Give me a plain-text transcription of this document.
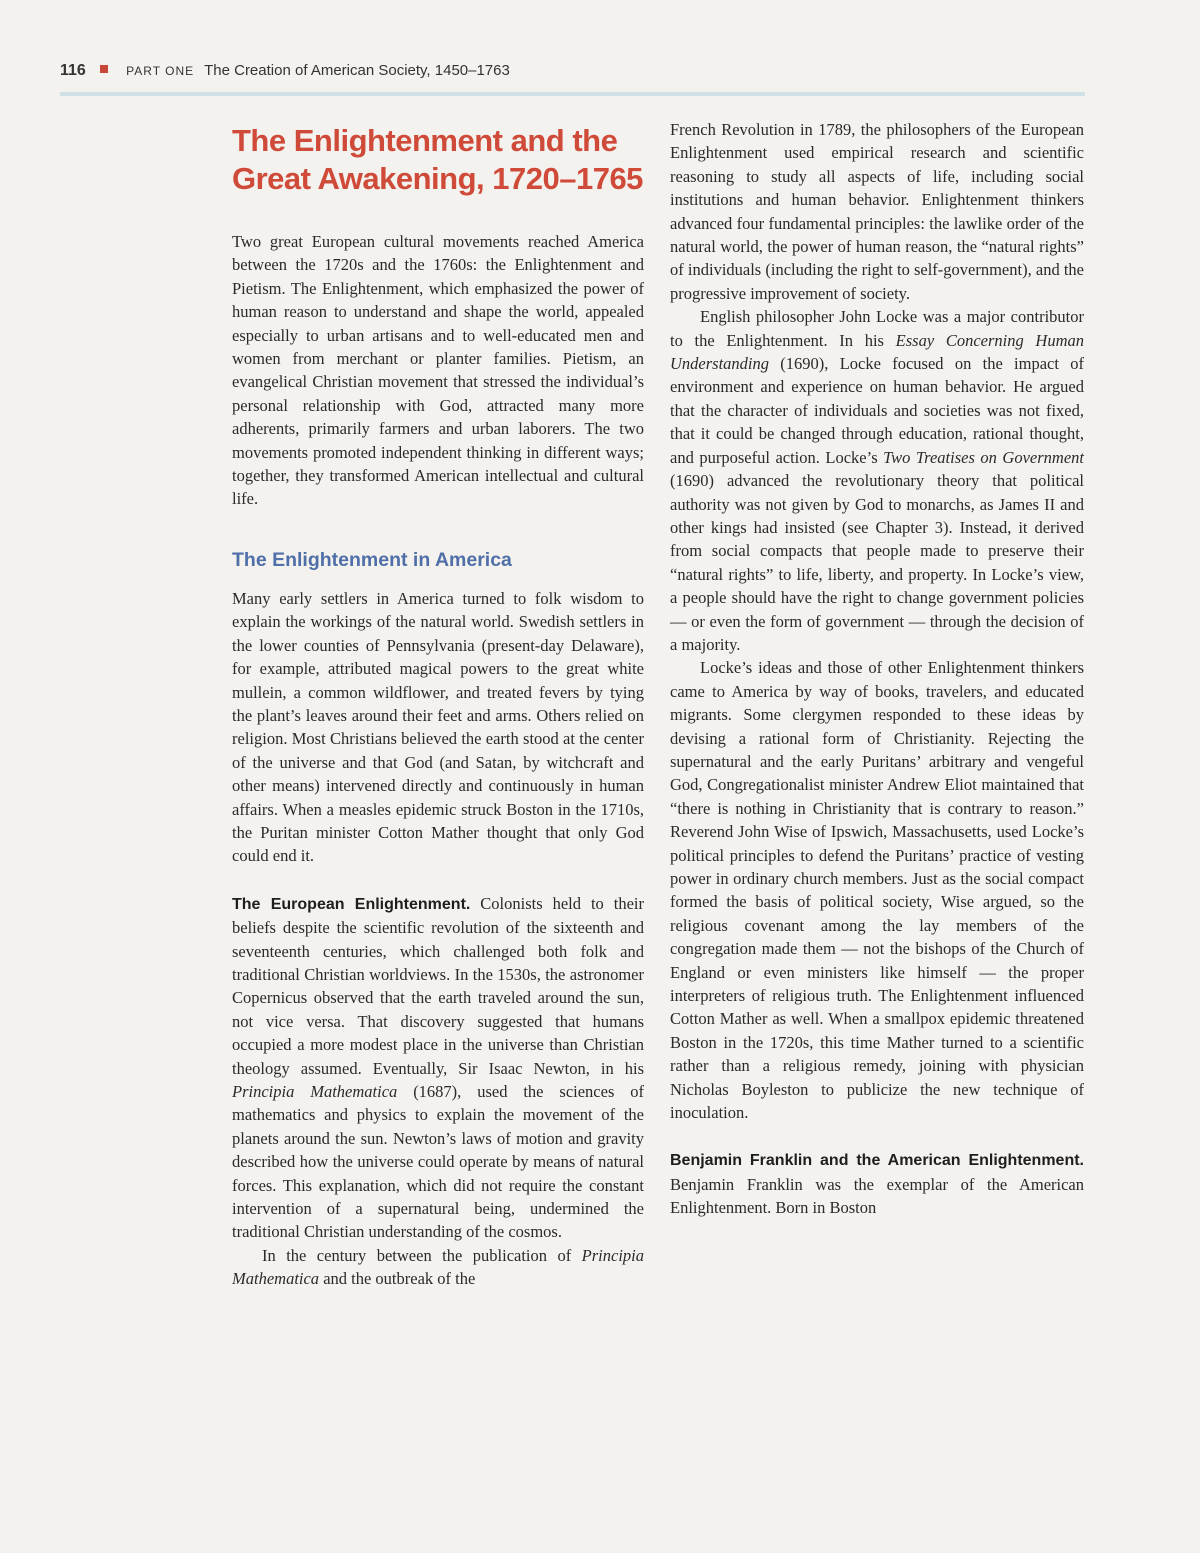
116	PART ONE The Creation of American Society, 1450–1763
The Enlightenment and the Great Awakening, 1720–1765

Two great European cultural movements reached America between the 1720s and the 1760s: the Enlightenment and Pietism. The Enlightenment, which emphasized the power of human reason to understand and shape the world, appealed especially to urban artisans and to well-educated men and women from merchant or planter families. Pietism, an evangelical Christian movement that stressed the individual’s personal relationship with God, attracted many more adherents, primarily farmers and urban laborers. The two movements promoted independent thinking in different ways; together, they transformed American intellectual and cultural life.

The Enlightenment in America

Many early settlers in America turned to folk wisdom to explain the workings of the natural world. Swedish settlers in the lower counties of Pennsylvania (present-day Delaware), for example, attributed magical powers to the great white mullein, a common wildflower, and treated fevers by tying the plant’s leaves around their feet and arms. Others relied on religion. Most Christians believed the earth stood at the center of the universe and that God (and Satan, by witchcraft and other means) intervened directly and continuously in human affairs. When a measles epidemic struck Boston in the 1710s, the Puritan minister Cotton Mather thought that only God could end it.

The European Enlightenment. Colonists held to their beliefs despite the scientific revolution of the sixteenth and seventeenth centuries, which challenged both folk and traditional Christian worldviews. In the 1530s, the astronomer Copernicus observed that the earth traveled around the sun, not vice versa. That discovery suggested that humans occupied a more modest place in the universe than Christian theology assumed. Eventually, Sir Isaac Newton, in his Principia Mathematica (1687), used the sciences of mathematics and physics to explain the movement of the planets around the sun. Newton’s laws of motion and gravity described how the universe could operate by means of natural forces. This explanation, which did not require the constant intervention of a supernatural being, undermined the traditional Christian understanding of the cosmos.

In the century between the publication of Principia Mathematica and the outbreak of the

French Revolution in 1789, the philosophers of the European Enlightenment used empirical research and scientific reasoning to study all aspects of life, including social institutions and human behavior. Enlightenment thinkers advanced four fundamental principles: the lawlike order of the natural world, the power of human reason, the “natural rights” of individuals (including the right to self-government), and the progressive improvement of society.

English philosopher John Locke was a major contributor to the Enlightenment. In his Essay Concerning Human Understanding (1690), Locke focused on the impact of environment and experience on human behavior. He argued that the character of individuals and societies was not fixed, that it could be changed through education, rational thought, and purposeful action. Locke’s Two Treatises on Government (1690) advanced the revolutionary theory that political authority was not given by God to monarchs, as James II and other kings had insisted (see Chapter 3). Instead, it derived from social compacts that people made to preserve their “natural rights” to life, liberty, and property. In Locke’s view, a people should have the right to change government policies — or even the form of government — through the decision of a majority.

Locke’s ideas and those of other Enlightenment thinkers came to America by way of books, travelers, and educated migrants. Some clergymen responded to these ideas by devising a rational form of Christianity. Rejecting the supernatural and the early Puritans’ arbitrary and vengeful God, Congregationalist minister Andrew Eliot maintained that “there is nothing in Christianity that is contrary to reason.” Reverend John Wise of Ipswich, Massachusetts, used Locke’s political principles to defend the Puritans’ practice of vesting power in ordinary church members. Just as the social compact formed the basis of political society, Wise argued, so the religious covenant among the lay members of the congregation made them — not the bishops of the Church of England or even ministers like himself — the proper interpreters of religious truth. The Enlightenment influenced Cotton Mather as well. When a smallpox epidemic threatened Boston in the 1720s, this time Mather turned to a scientific rather than a religious remedy, joining with physician Nicholas Boyleston to publicize the new technique of inoculation.

Benjamin Franklin and the American Enlightenment. Benjamin Franklin was the exemplar of the American Enlightenment. Born in Boston
